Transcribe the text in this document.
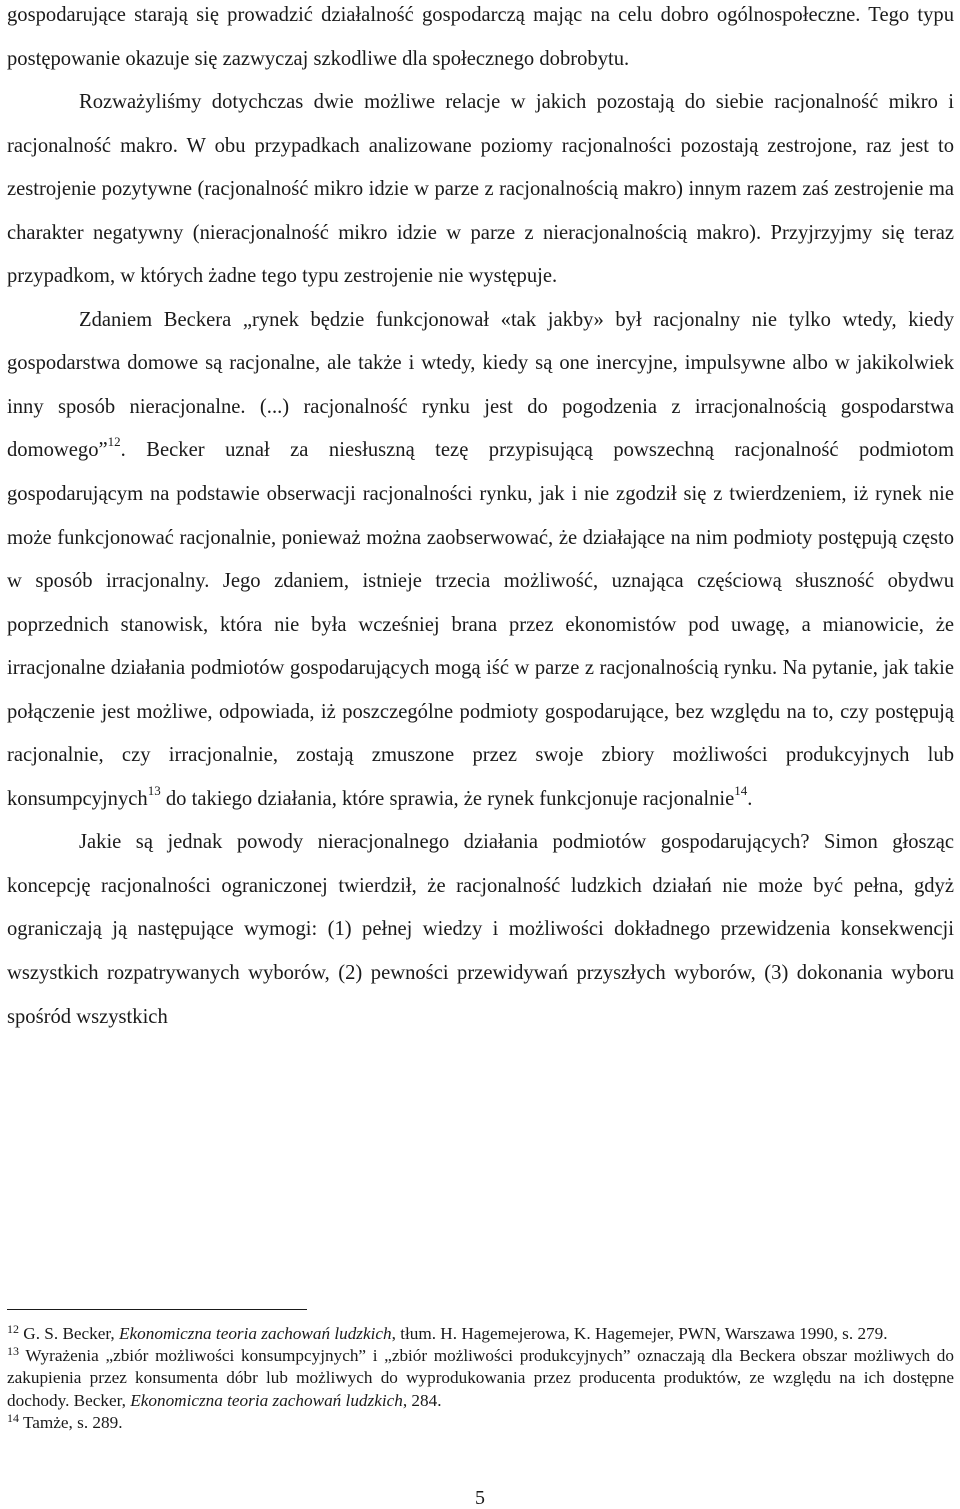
gospodarujące starają się prowadzić działalność gospodarczą mając na celu dobro ogólnospołeczne. Tego typu postępowanie okazuje się zazwyczaj szkodliwe dla społecznego dobrobytu.

Rozważyliśmy dotychczas dwie możliwe relacje w jakich pozostają do siebie racjonalność mikro i racjonalność makro. W obu przypadkach analizowane poziomy racjonalności pozostają zestrojone, raz jest to zestrojenie pozytywne (racjonalność mikro idzie w parze z racjonalnością makro) innym razem zaś zestrojenie ma charakter negatywny (nieracjonalność mikro idzie w parze z nieracjonalnością makro). Przyjrzyjmy się teraz przypadkom, w których żadne tego typu zestrojenie nie występuje.

Zdaniem Beckera „rynek będzie funkcjonował «tak jakby» był racjonalny nie tylko wtedy, kiedy gospodarstwa domowe są racjonalne, ale także i wtedy, kiedy są one inercyjne, impulsywne albo w jakikolwiek inny sposób nieracjonalne. (...) racjonalność rynku jest do pogodzenia z irracjonalnością gospodarstwa domowego”$^{12}$. Becker uznał za niesłuszną tezę przypisującą powszechną racjonalność podmiotom gospodarującym na podstawie obserwacji racjonalności rynku, jak i nie zgodził się z twierdzeniem, iż rynek nie może funkcjonować racjonalnie, ponieważ można zaobserwować, że działające na nim podmioty postępują często w sposób irracjonalny. Jego zdaniem, istnieje trzecia możliwość, uznająca częściową słuszność obydwu poprzednich stanowisk, która nie była wcześniej brana przez ekonomistów pod uwagę, a mianowicie, że irracjonalne działania podmiotów gospodarujących mogą iść w parze z racjonalnością rynku. Na pytanie, jak takie połączenie jest możliwe, odpowiada, iż poszczególne podmioty gospodarujące, bez względu na to, czy postępują racjonalnie, czy irracjonalnie, zostają zmuszone przez swoje zbiory możliwości produkcyjnych lub konsumpcyjnych$^{13}$ do takiego działania, które sprawia, że rynek funkcjonuje racjonalnie$^{14}$.

Jakie są jednak powody nieracjonalnego działania podmiotów gospodarujących? Simon głosząc koncepcję racjonalności ograniczonej twierdził, że racjonalność ludzkich działań nie może być pełna, gdyż ograniczają ją następujące wymogi: (1) pełnej wiedzy i możliwości dokładnego przewidzenia konsekwencji wszystkich rozpatrywanych wyborów, (2) pewności przewidywań przyszłych wyborów, (3) dokonania wyboru spośród wszystkich

$^{12}$ G. S. Becker, Ekonomiczna teoria zachowań ludzkich, tłum. H. Hagemejerowa, K. Hagemejer, PWN, Warszawa 1990, s. 279.

$^{13}$ Wyrażenia „zbiór możliwości konsumpcyjnych” i „zbiór możliwości produkcyjnych” oznaczają dla Beckera obszar możliwych do zakupienia przez konsumenta dóbr lub możliwych do wyprodukowania przez producenta produktów, ze względu na ich dostępne dochody. Becker, Ekonomiczna teoria zachowań ludzkich, 284.

$^{14}$ Tamże, s. 289.

5
